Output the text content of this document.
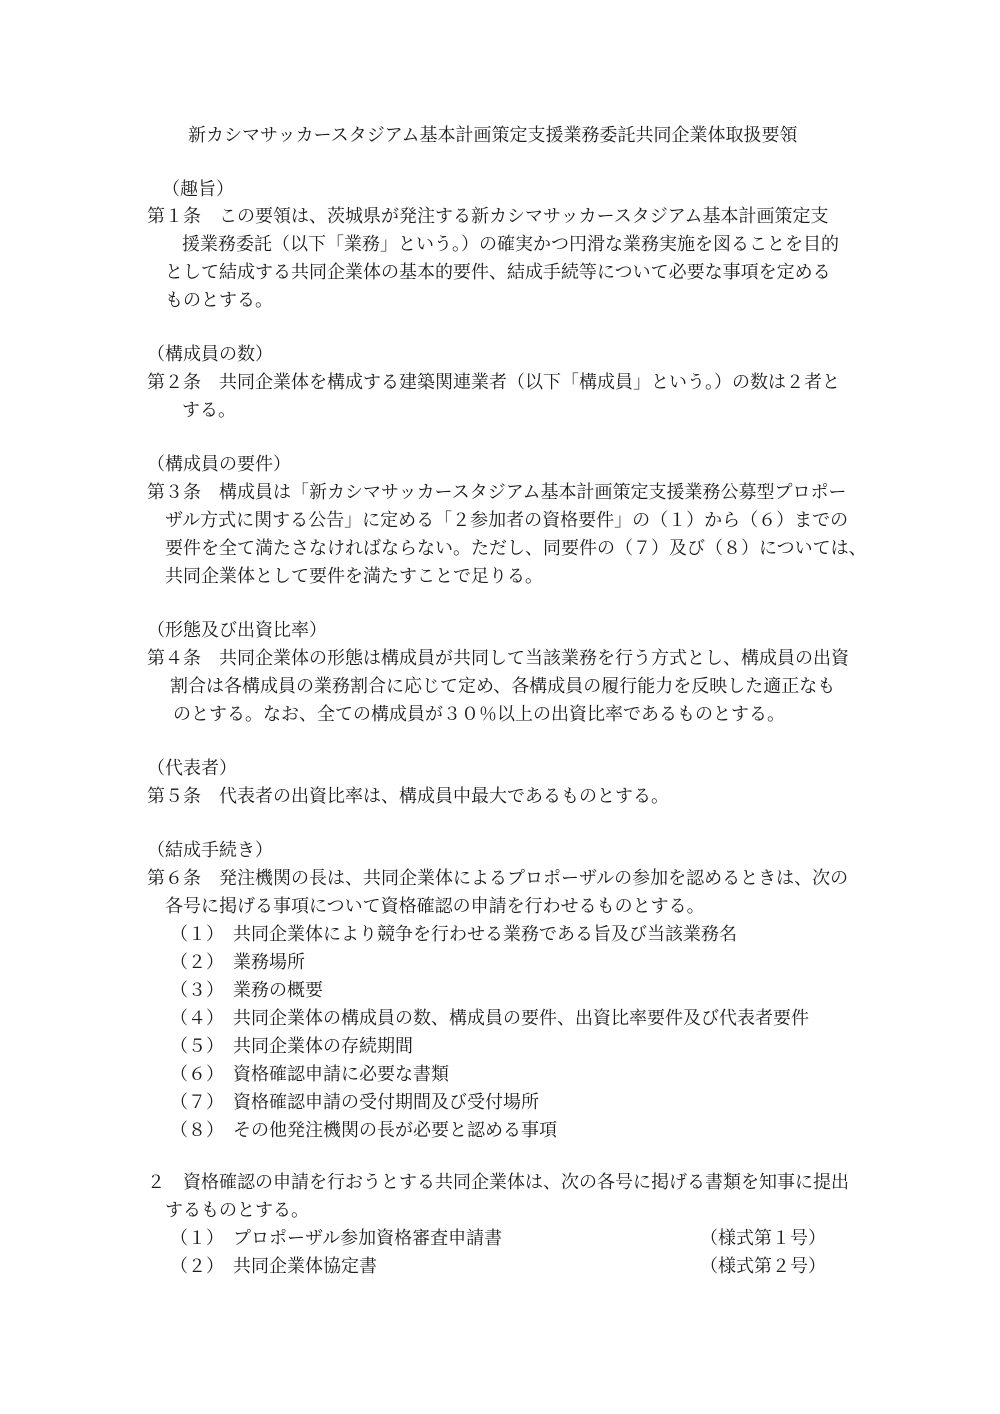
新カシマサッカースタジアム基本計画策定支援業務委託共同企業体取扱要領

（趣旨）

第１条　この要領は、茨城県が発注する新カシマサッカースタジアム基本計画策定支

援業務委託（以下「業務」という。）の確実かつ円滑な業務実施を図ることを目的

として結成する共同企業体の基本的要件、結成手続等について必要な事項を定める

ものとする。

（構成員の数）

第２条　共同企業体を構成する建築関連業者（以下「構成員」という。）の数は２者と

する。

（構成員の要件）

第３条　構成員は「新カシマサッカースタジアム基本計画策定支援業務公募型プロポー

ザル方式に関する公告」に定める「２参加者の資格要件」の（１）から（６）までの

要件を全て満たさなければならない。ただし、同要件の（７）及び（８）については、

共同企業体として要件を満たすことで足りる。

（形態及び出資比率）

第４条　共同企業体の形態は構成員が共同して当該業務を行う方式とし、構成員の出資

割合は各構成員の業務割合に応じて定め、各構成員の履行能力を反映した適正なも

のとする。なお、全ての構成員が３０％以上の出資比率であるものとする。

（代表者）

第５条　代表者の出資比率は、構成員中最大であるものとする。

（結成手続き）

第６条　発注機関の長は、共同企業体によるプロポーザルの参加を認めるときは、次の

各号に掲げる事項について資格確認の申請を行わせるものとする。

（１）　共同企業体により競争を行わせる業務である旨及び当該業務名

（２）　業務場所

（３）　業務の概要

（４）　共同企業体の構成員の数、構成員の要件、出資比率要件及び代表者要件

（５）　共同企業体の存続期間

（６）　資格確認申請に必要な書類

（７）　資格確認申請の受付期間及び受付場所

（８）　その他発注機関の長が必要と認める事項

２　資格確認の申請を行おうとする共同企業体は、次の各号に掲げる書類を知事に提出

するものとする。

（１）　プロポーザル参加資格審査申請書	（様式第１号）

（２）　共同企業体協定書	（様式第２号）
